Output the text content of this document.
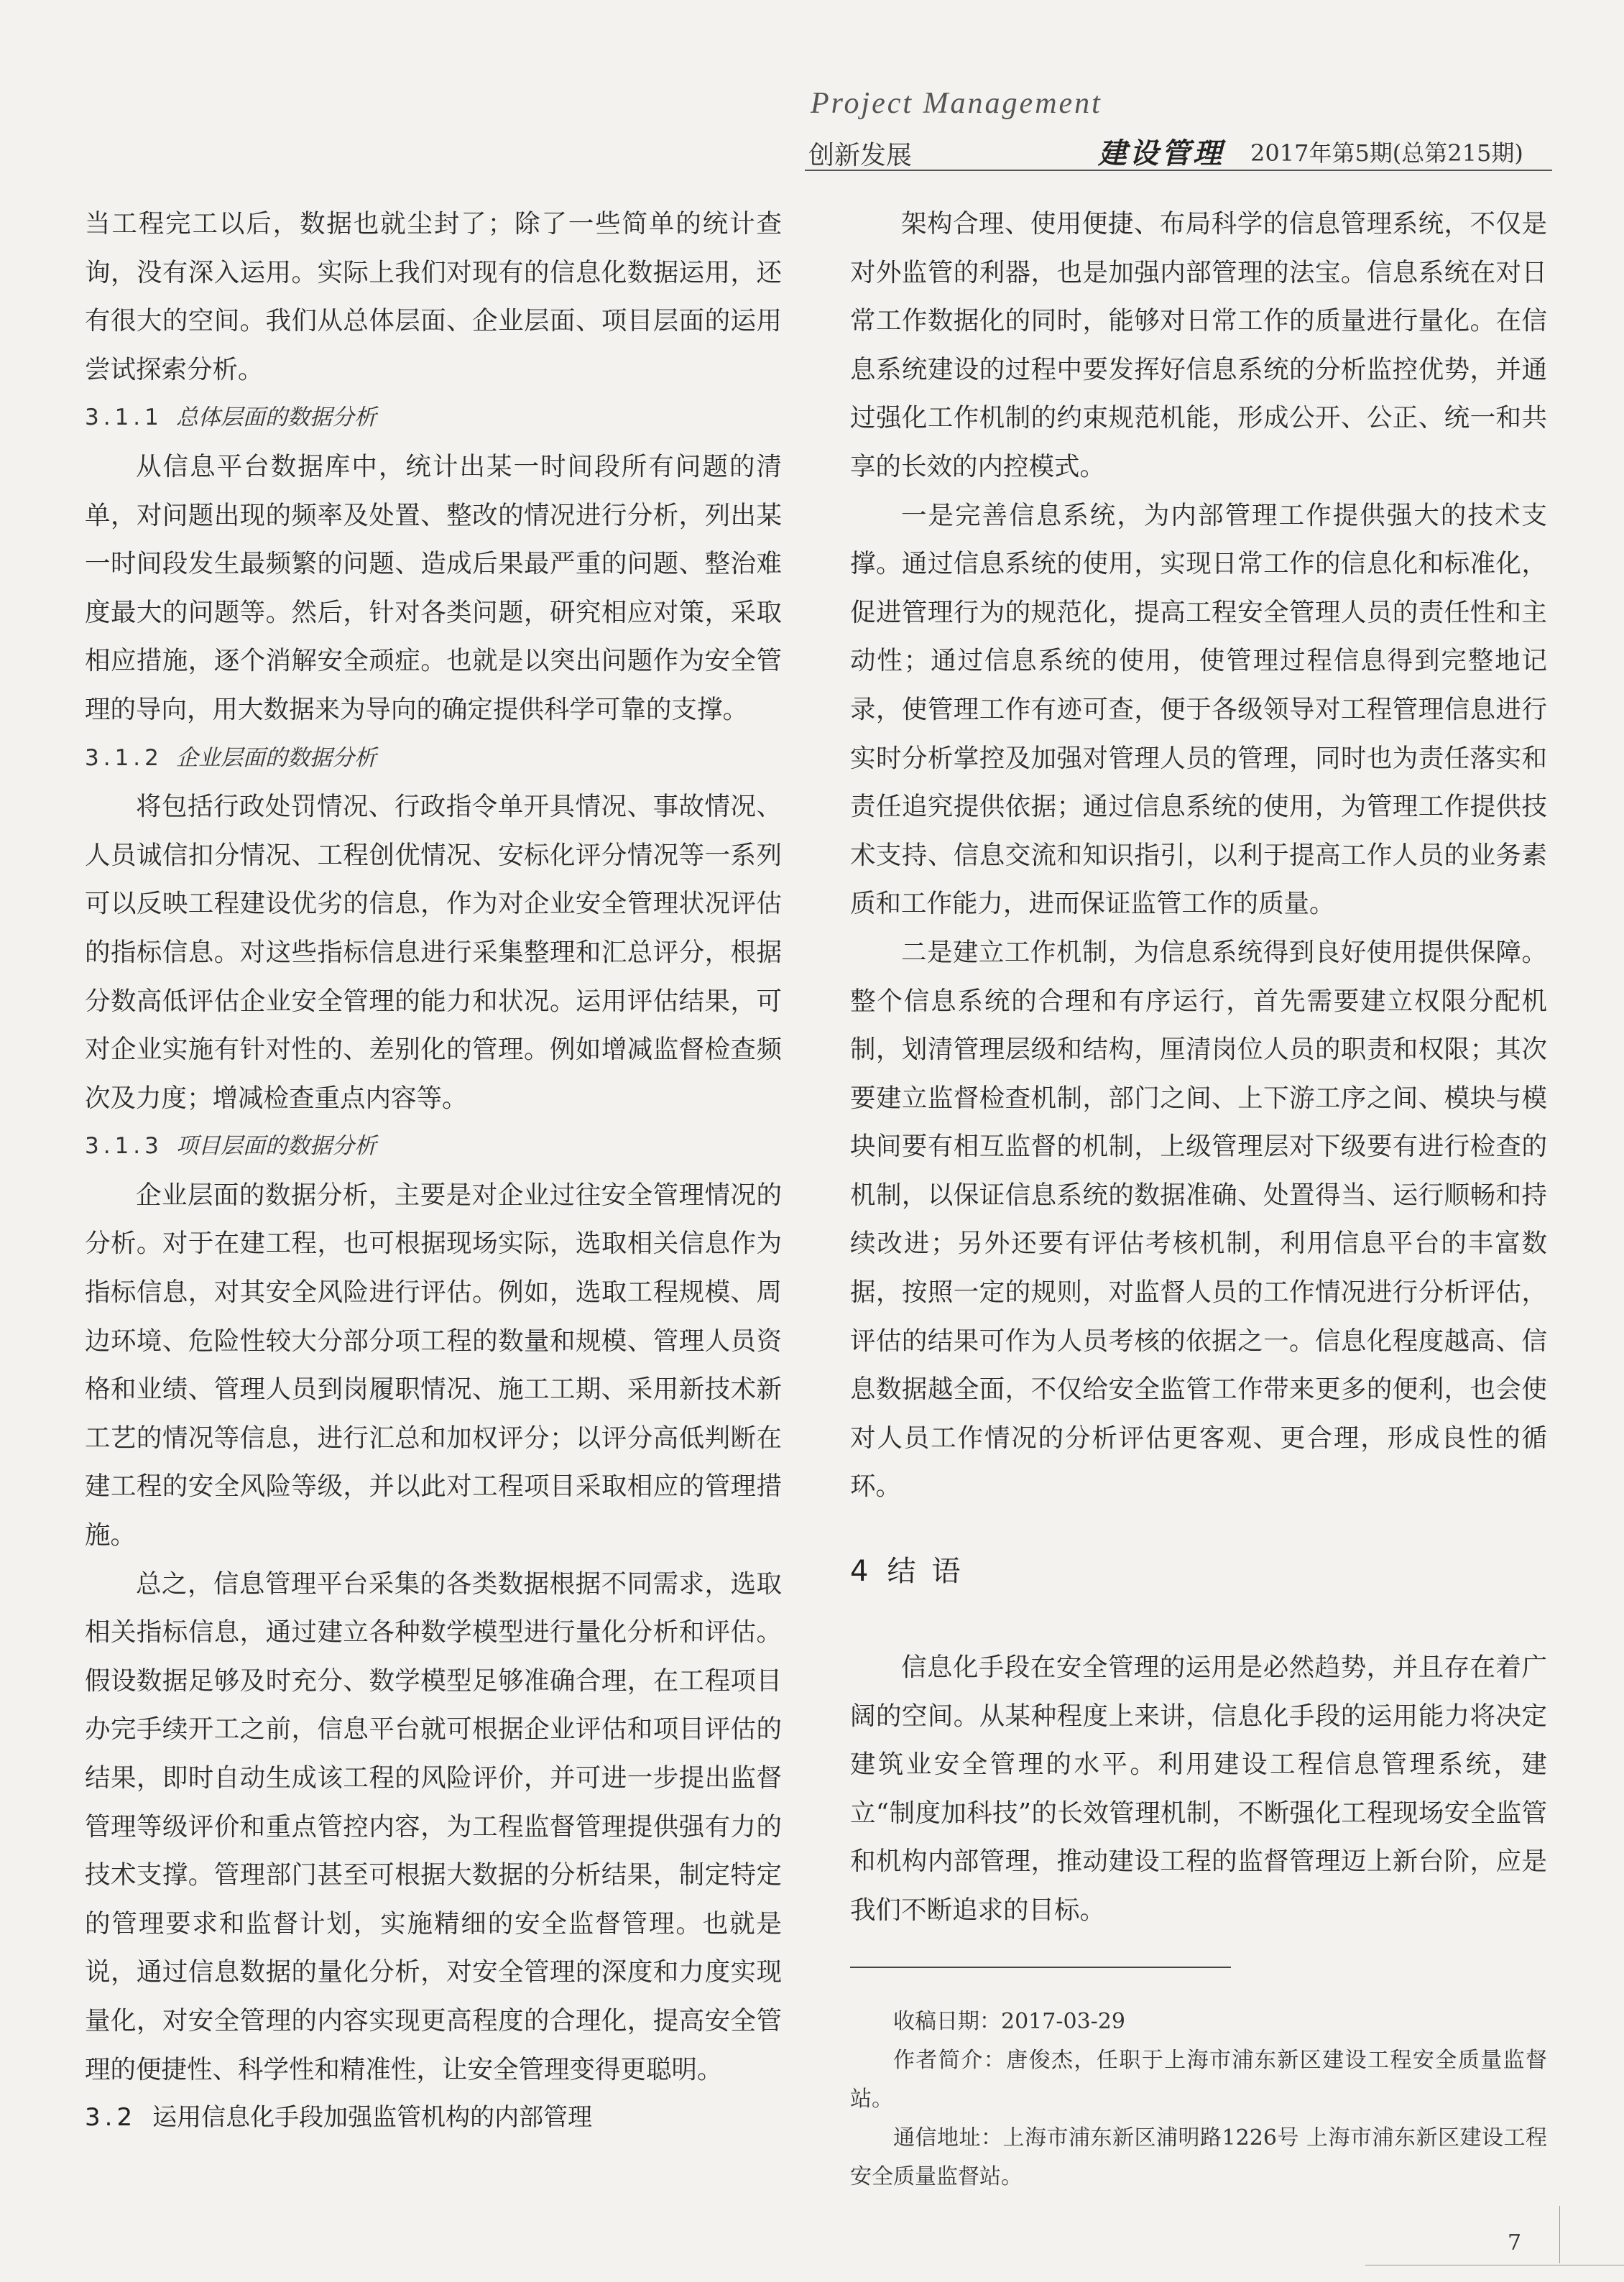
Project Management
创新发展	建设管理 2017年第5期(总第215期)

当工程完工以后，数据也就尘封了；除了一些简单的统计查询，没有深入运用。实际上我们对现有的信息化数据运用，还有很大的空间。我们从总体层面、企业层面、项目层面的运用尝试探索分析。

3.1.1 总体层面的数据分析

从信息平台数据库中，统计出某一时间段所有问题的清单，对问题出现的频率及处置、整改的情况进行分析，列出某一时间段发生最频繁的问题、造成后果最严重的问题、整治难度最大的问题等。然后，针对各类问题，研究相应对策，采取相应措施，逐个消解安全顽症。也就是以突出问题作为安全管理的导向，用大数据来为导向的确定提供科学可靠的支撑。

3.1.2 企业层面的数据分析

将包括行政处罚情况、行政指令单开具情况、事故情况、人员诚信扣分情况、工程创优情况、安标化评分情况等一系列可以反映工程建设优劣的信息，作为对企业安全管理状况评估的指标信息。对这些指标信息进行采集整理和汇总评分，根据分数高低评估企业安全管理的能力和状况。运用评估结果，可对企业实施有针对性的、差别化的管理。例如增减监督检查频次及力度；增减检查重点内容等。

3.1.3 项目层面的数据分析

企业层面的数据分析，主要是对企业过往安全管理情况的分析。对于在建工程，也可根据现场实际，选取相关信息作为指标信息，对其安全风险进行评估。例如，选取工程规模、周边环境、危险性较大分部分项工程的数量和规模、管理人员资格和业绩、管理人员到岗履职情况、施工工期、采用新技术新工艺的情况等信息，进行汇总和加权评分；以评分高低判断在建工程的安全风险等级，并以此对工程项目采取相应的管理措施。

总之，信息管理平台采集的各类数据根据不同需求，选取相关指标信息，通过建立各种数学模型进行量化分析和评估。假设数据足够及时充分、数学模型足够准确合理，在工程项目办完手续开工之前，信息平台就可根据企业评估和项目评估的结果，即时自动生成该工程的风险评价，并可进一步提出监督管理等级评价和重点管控内容，为工程监督管理提供强有力的技术支撑。管理部门甚至可根据大数据的分析结果，制定特定的管理要求和监督计划，实施精细的安全监督管理。也就是说，通过信息数据的量化分析，对安全管理的深度和力度实现量化，对安全管理的内容实现更高程度的合理化，提高安全管理的便捷性、科学性和精准性，让安全管理变得更聪明。

3.2 运用信息化手段加强监管机构的内部管理

架构合理、使用便捷、布局科学的信息管理系统，不仅是对外监管的利器，也是加强内部管理的法宝。信息系统在对日常工作数据化的同时，能够对日常工作的质量进行量化。在信息系统建设的过程中要发挥好信息系统的分析监控优势，并通过强化工作机制的约束规范机能，形成公开、公正、统一和共享的长效的内控模式。

一是完善信息系统，为内部管理工作提供强大的技术支撑。通过信息系统的使用，实现日常工作的信息化和标准化，促进管理行为的规范化，提高工程安全管理人员的责任性和主动性；通过信息系统的使用，使管理过程信息得到完整地记录，使管理工作有迹可查，便于各级领导对工程管理信息进行实时分析掌控及加强对管理人员的管理，同时也为责任落实和责任追究提供依据；通过信息系统的使用，为管理工作提供技术支持、信息交流和知识指引，以利于提高工作人员的业务素质和工作能力，进而保证监管工作的质量。

二是建立工作机制，为信息系统得到良好使用提供保障。整个信息系统的合理和有序运行，首先需要建立权限分配机制，划清管理层级和结构，厘清岗位人员的职责和权限；其次要建立监督检查机制，部门之间、上下游工序之间、模块与模块间要有相互监督的机制，上级管理层对下级要有进行检查的机制，以保证信息系统的数据准确、处置得当、运行顺畅和持续改进；另外还要有评估考核机制，利用信息平台的丰富数据，按照一定的规则，对监督人员的工作情况进行分析评估，评估的结果可作为人员考核的依据之一。信息化程度越高、信息数据越全面，不仅给安全监管工作带来更多的便利，也会使对人员工作情况的分析评估更客观、更合理，形成良性的循环。

4 结语

信息化手段在安全管理的运用是必然趋势，并且存在着广阔的空间。从某种程度上来讲，信息化手段的运用能力将决定建筑业安全管理的水平。利用建设工程信息管理系统，建立“制度加科技”的长效管理机制，不断强化工程现场安全监管和机构内部管理，推动建设工程的监督管理迈上新台阶，应是我们不断追求的目标。

收稿日期：2017-03-29

作者简介：唐俊杰，任职于上海市浦东新区建设工程安全质量监督站。

通信地址：上海市浦东新区浦明路1226号 上海市浦东新区建设工程安全质量监督站。

7
